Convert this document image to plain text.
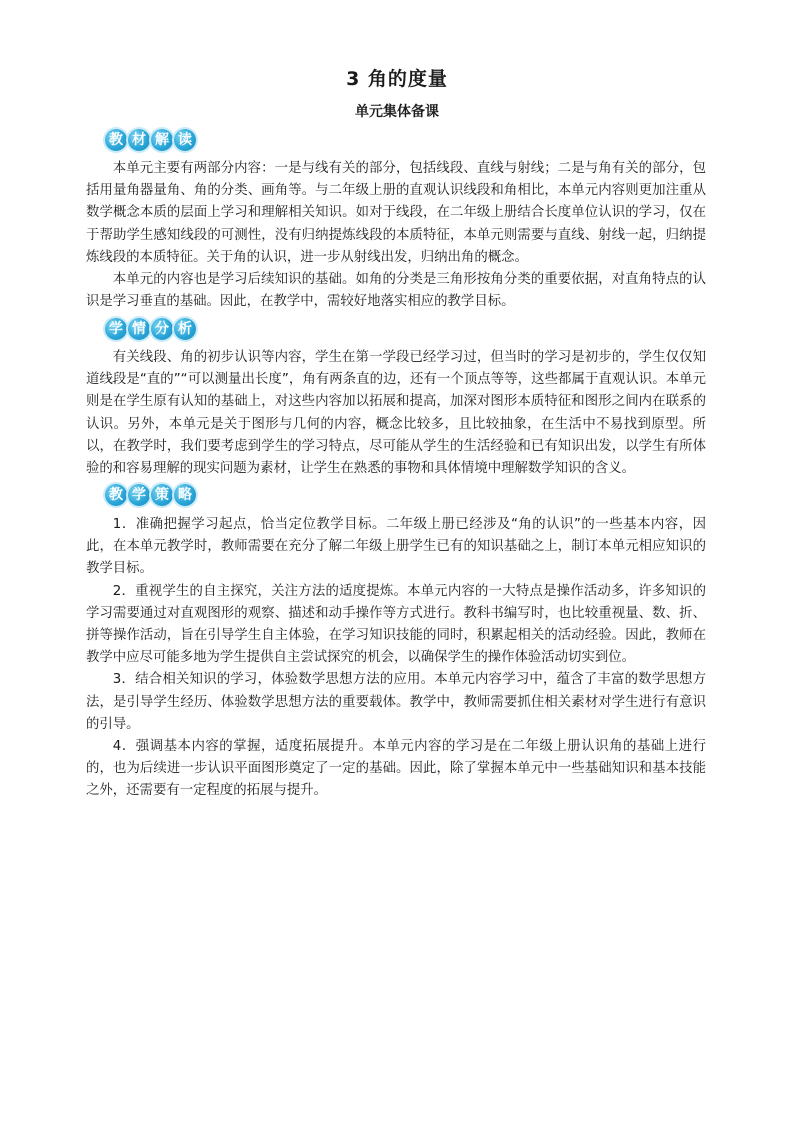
3 角的度量
单元集体备课
教 材 解 读

本单元主要有两部分内容：一是与线有关的部分，包括线段、直线与射线；二是与角有关的部分，包括用量角器量角、角的分类、画角等。与二年级上册的直观认识线段和角相比，本单元内容则更加注重从数学概念本质的层面上学习和理解相关知识。如对于线段，在二年级上册结合长度单位认识的学习，仅在于帮助学生感知线段的可测性，没有归纳提炼线段的本质特征，本单元则需要与直线、射线一起，归纳提炼线段的本质特征。关于角的认识，进一步从射线出发，归纳出角的概念。

本单元的内容也是学习后续知识的基础。如角的分类是三角形按角分类的重要依据，对直角特点的认识是学习垂直的基础。因此，在教学中，需较好地落实相应的教学目标。

学 情 分 析

有关线段、角的初步认识等内容，学生在第一学段已经学习过，但当时的学习是初步的，学生仅仅知道线段是“直的”“可以测量出长度”，角有两条直的边，还有一个顶点等等，这些都属于直观认识。本单元则是在学生原有认知的基础上，对这些内容加以拓展和提高，加深对图形本质特征和图形之间内在联系的认识。另外，本单元是关于图形与几何的内容，概念比较多，且比较抽象，在生活中不易找到原型。所以，在教学时，我们要考虑到学生的学习特点，尽可能从学生的生活经验和已有知识出发，以学生有所体验的和容易理解的现实问题为素材，让学生在熟悉的事物和具体情境中理解数学知识的含义。

教 学 策 略

1．准确把握学习起点，恰当定位教学目标。二年级上册已经涉及“角的认识”的一些基本内容，因此，在本单元教学时，教师需要在充分了解二年级上册学生已有的知识基础之上，制订本单元相应知识的教学目标。

2．重视学生的自主探究，关注方法的适度提炼。本单元内容的一大特点是操作活动多，许多知识的学习需要通过对直观图形的观察、描述和动手操作等方式进行。教科书编写时，也比较重视量、数、折、拼等操作活动，旨在引导学生自主体验，在学习知识技能的同时，积累起相关的活动经验。因此，教师在教学中应尽可能多地为学生提供自主尝试探究的机会，以确保学生的操作体验活动切实到位。

3．结合相关知识的学习，体验数学思想方法的应用。本单元内容学习中，蕴含了丰富的数学思想方法，是引导学生经历、体验数学思想方法的重要载体。教学中，教师需要抓住相关素材对学生进行有意识的引导。

4．强调基本内容的掌握，适度拓展提升。本单元内容的学习是在二年级上册认识角的基础上进行的，也为后续进一步认识平面图形奠定了一定的基础。因此，除了掌握本单元中一些基础知识和基本技能之外，还需要有一定程度的拓展与提升。
